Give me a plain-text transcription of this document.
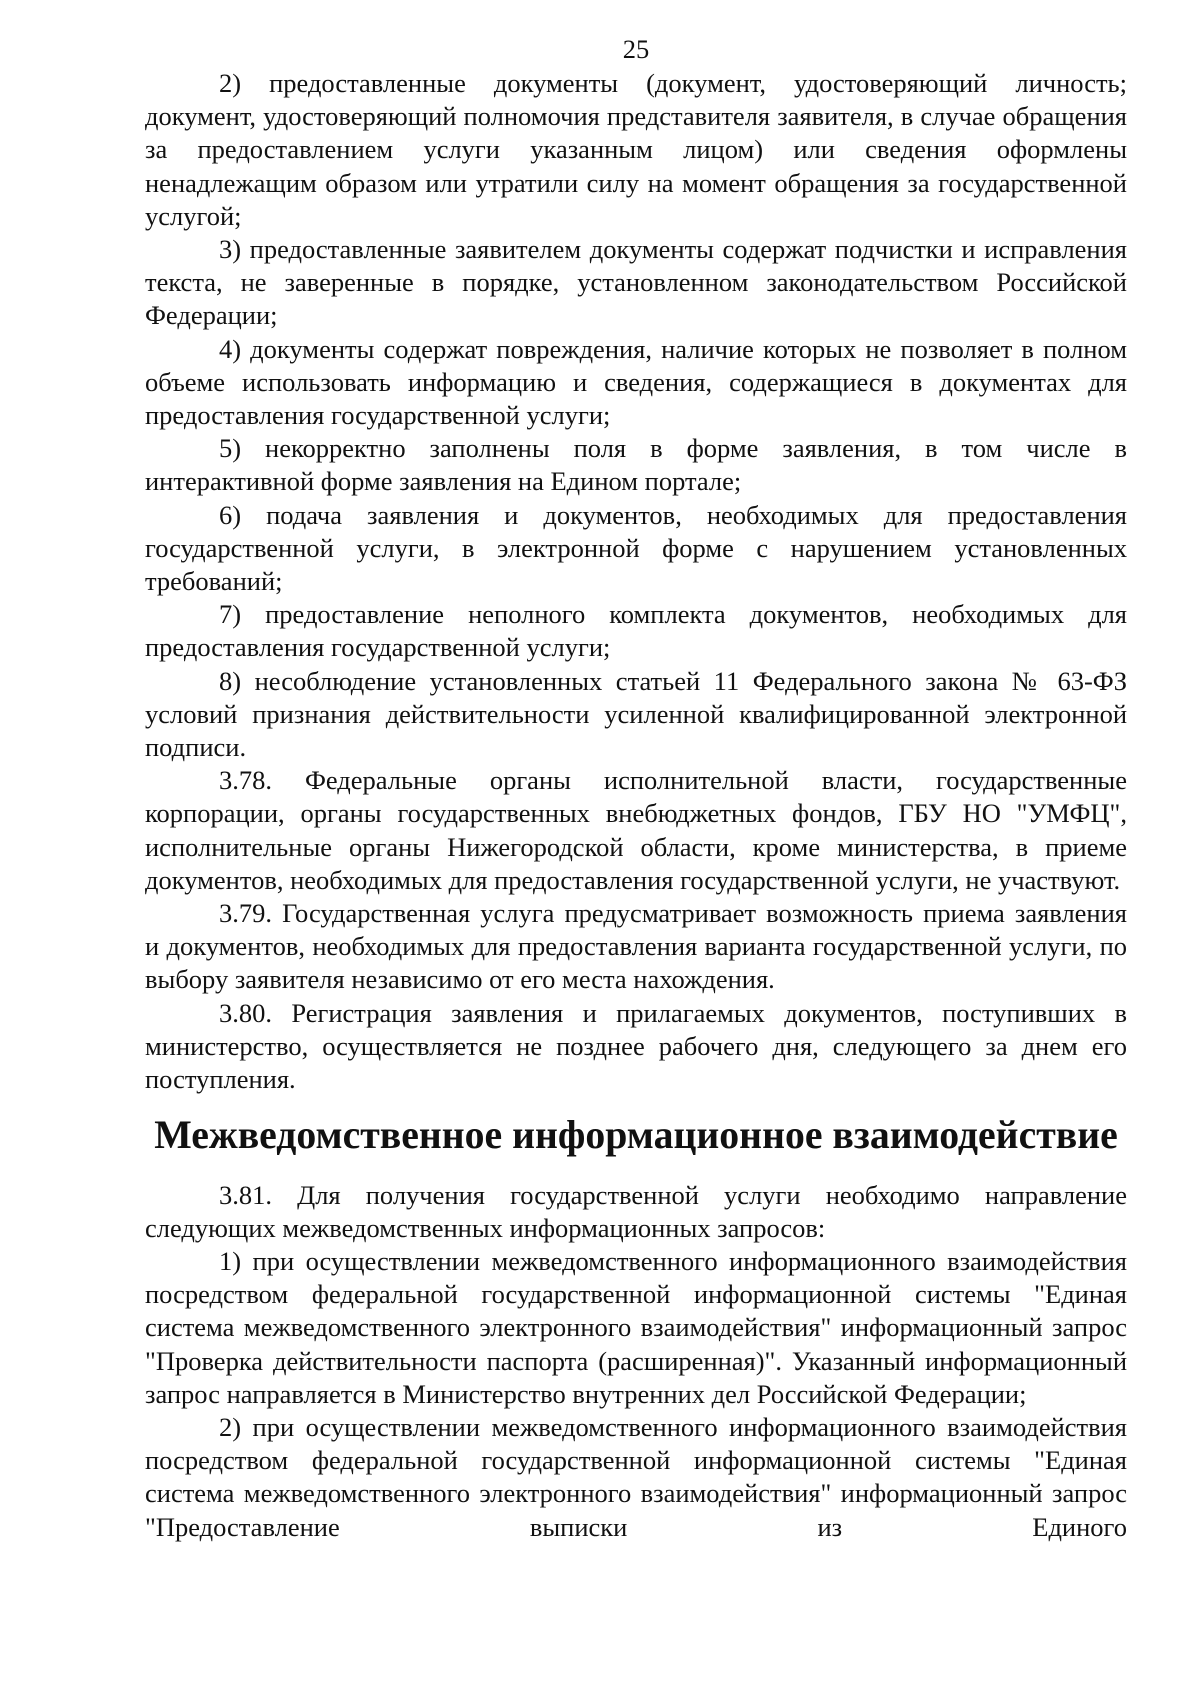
25

2) предоставленные документы (документ, удостоверяющий личность; документ, удостоверяющий полномочия представителя заявителя, в случае обращения за предоставлением услуги указанным лицом) или сведения оформлены ненадлежащим образом или утратили силу на момент обращения за государственной услугой;

3) предоставленные заявителем документы содержат подчистки и исправления текста, не заверенные в порядке, установленном законодательством Российской Федерации;

4) документы содержат повреждения, наличие которых не позволяет в полном объеме использовать информацию и сведения, содержащиеся в документах для предоставления государственной услуги;

5) некорректно заполнены поля в форме заявления, в том числе в интерактивной форме заявления на Едином портале;

6) подача заявления и документов, необходимых для предоставления государственной услуги, в электронной форме с нарушением установленных требований;

7) предоставление неполного комплекта документов, необходимых для предоставления государственной услуги;

8) несоблюдение установленных статьей 11 Федерального закона № 63-ФЗ условий признания действительности усиленной квалифицированной электронной подписи.

3.78. Федеральные органы исполнительной власти, государственные корпорации, органы государственных внебюджетных фондов, ГБУ НО "УМФЦ", исполнительные органы Нижегородской области, кроме министерства, в приеме документов, необходимых для предоставления государственной услуги, не участвуют.

3.79. Государственная услуга предусматривает возможность приема заявления и документов, необходимых для предоставления варианта государственной услуги, по выбору заявителя независимо от его места нахождения.

3.80. Регистрация заявления и прилагаемых документов, поступивших в министерство, осуществляется не позднее рабочего дня, следующего за днем его поступления.

Межведомственное информационное взаимодействие

3.81. Для получения государственной услуги необходимо направление следующих межведомственных информационных запросов:

1) при осуществлении межведомственного информационного взаимодействия посредством федеральной государственной информационной системы "Единая система межведомственного электронного взаимодействия" информационный запрос "Проверка действительности паспорта (расширенная)". Указанный информационный запрос направляется в Министерство внутренних дел Российской Федерации;

2) при осуществлении межведомственного информационного взаимодействия посредством федеральной государственной информационной системы "Единая система межведомственного электронного взаимодействия" информационный запрос "Предоставление выписки из Единого
